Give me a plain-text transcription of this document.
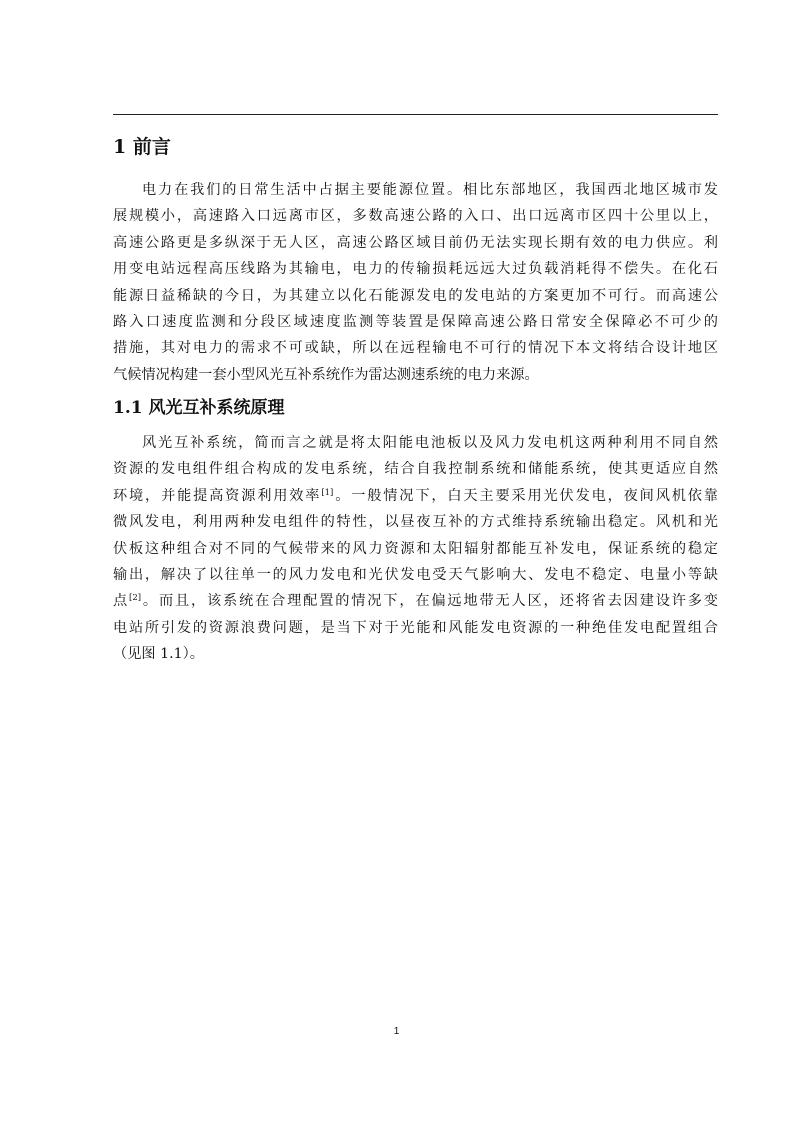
1 前言
电力在我们的日常生活中占据主要能源位置。相比东部地区，我国西北地区城市发
展规模小，高速路入口远离市区，多数高速公路的入口、出口远离市区四十公里以上，
高速公路更是多纵深于无人区，高速公路区域目前仍无法实现长期有效的电力供应。利
用变电站远程高压线路为其输电，电力的传输损耗远远大过负载消耗得不偿失。在化石
能源日益稀缺的今日，为其建立以化石能源发电的发电站的方案更加不可行。而高速公
路入口速度监测和分段区域速度监测等装置是保障高速公路日常安全保障必不可少的
措施，其对电力的需求不可或缺，所以在远程输电不可行的情况下本文将结合设计地区
气候情况构建一套小型风光互补系统作为雷达测速系统的电力来源。
1.1 风光互补系统原理
风光互补系统，简而言之就是将太阳能电池板以及风力发电机这两种利用不同自然
资源的发电组件组合构成的发电系统，结合自我控制系统和储能系统，使其更适应自然
环境，并能提高资源利用效率[1]。一般情况下，白天主要采用光伏发电，夜间风机依靠
微风发电，利用两种发电组件的特性，以昼夜互补的方式维持系统输出稳定。风机和光
伏板这种组合对不同的气候带来的风力资源和太阳辐射都能互补发电，保证系统的稳定
输出，解决了以往单一的风力发电和光伏发电受天气影响大、发电不稳定、电量小等缺
点[2]。而且，该系统在合理配置的情况下，在偏远地带无人区，还将省去因建设许多变
电站所引发的资源浪费问题，是当下对于光能和风能发电资源的一种绝佳发电配置组合
（见图 1.1）。
1
